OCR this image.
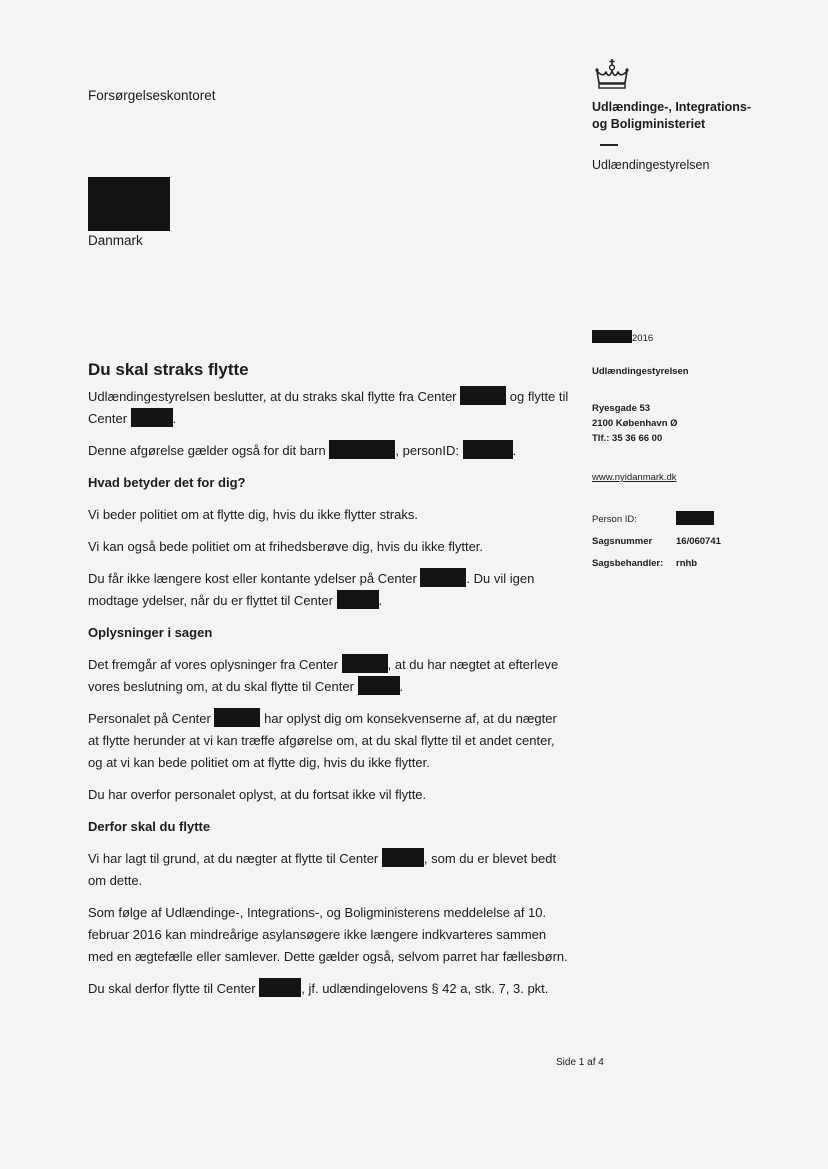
Forsørgelseskontoret
Danmark
Udlændinge-, Integrations-
og Boligministeriet
Udlændingestyrelsen
2016
Udlændingestyrelsen
Ryesgade 53
2100 København Ø
Tlf.: 35 36 66 00
www.nyidanmark.dk
Person ID:
Sagsnummer	16/060741
Sagsbehandler:	rnhb
Du skal straks flytte

Udlændingestyrelsen beslutter, at du straks skal flytte fra Center	og flytte til Center	.

Denne afgørelse gælder også for dit barn	, personID:	.

Hvad betyder det for dig?

Vi beder politiet om at flytte dig, hvis du ikke flytter straks.

Vi kan også bede politiet om at frihedsberøve dig, hvis du ikke flytter.

Du får ikke længere kost eller kontante ydelser på Center	. Du vil igen modtage ydelser, når du er flyttet til Center	.

Oplysninger i sagen

Det fremgår af vores oplysninger fra Center	, at du har nægtet at efterleve vores beslutning om, at du skal flytte til Center	.

Personalet på Center	har oplyst dig om konsekvenserne af, at du nægter at flytte herunder at vi kan træffe afgørelse om, at du skal flytte til et andet center, og at vi kan bede politiet om at flytte dig, hvis du ikke flytter.

Du har overfor personalet oplyst, at du fortsat ikke vil flytte.

Derfor skal du flytte

Vi har lagt til grund, at du nægter at flytte til Center	, som du er blevet bedt om dette.

Som følge af Udlændinge-, Integrations-, og Boligministerens meddelelse af 10. februar 2016 kan mindreårige asylansøgere ikke længere indkvarteres sammen med en ægtefælle eller samlever. Dette gælder også, selvom parret har fællesbørn.

Du skal derfor flytte til Center	, jf. udlændingelovens § 42 a, stk. 7, 3. pkt.

Side 1 af 4
